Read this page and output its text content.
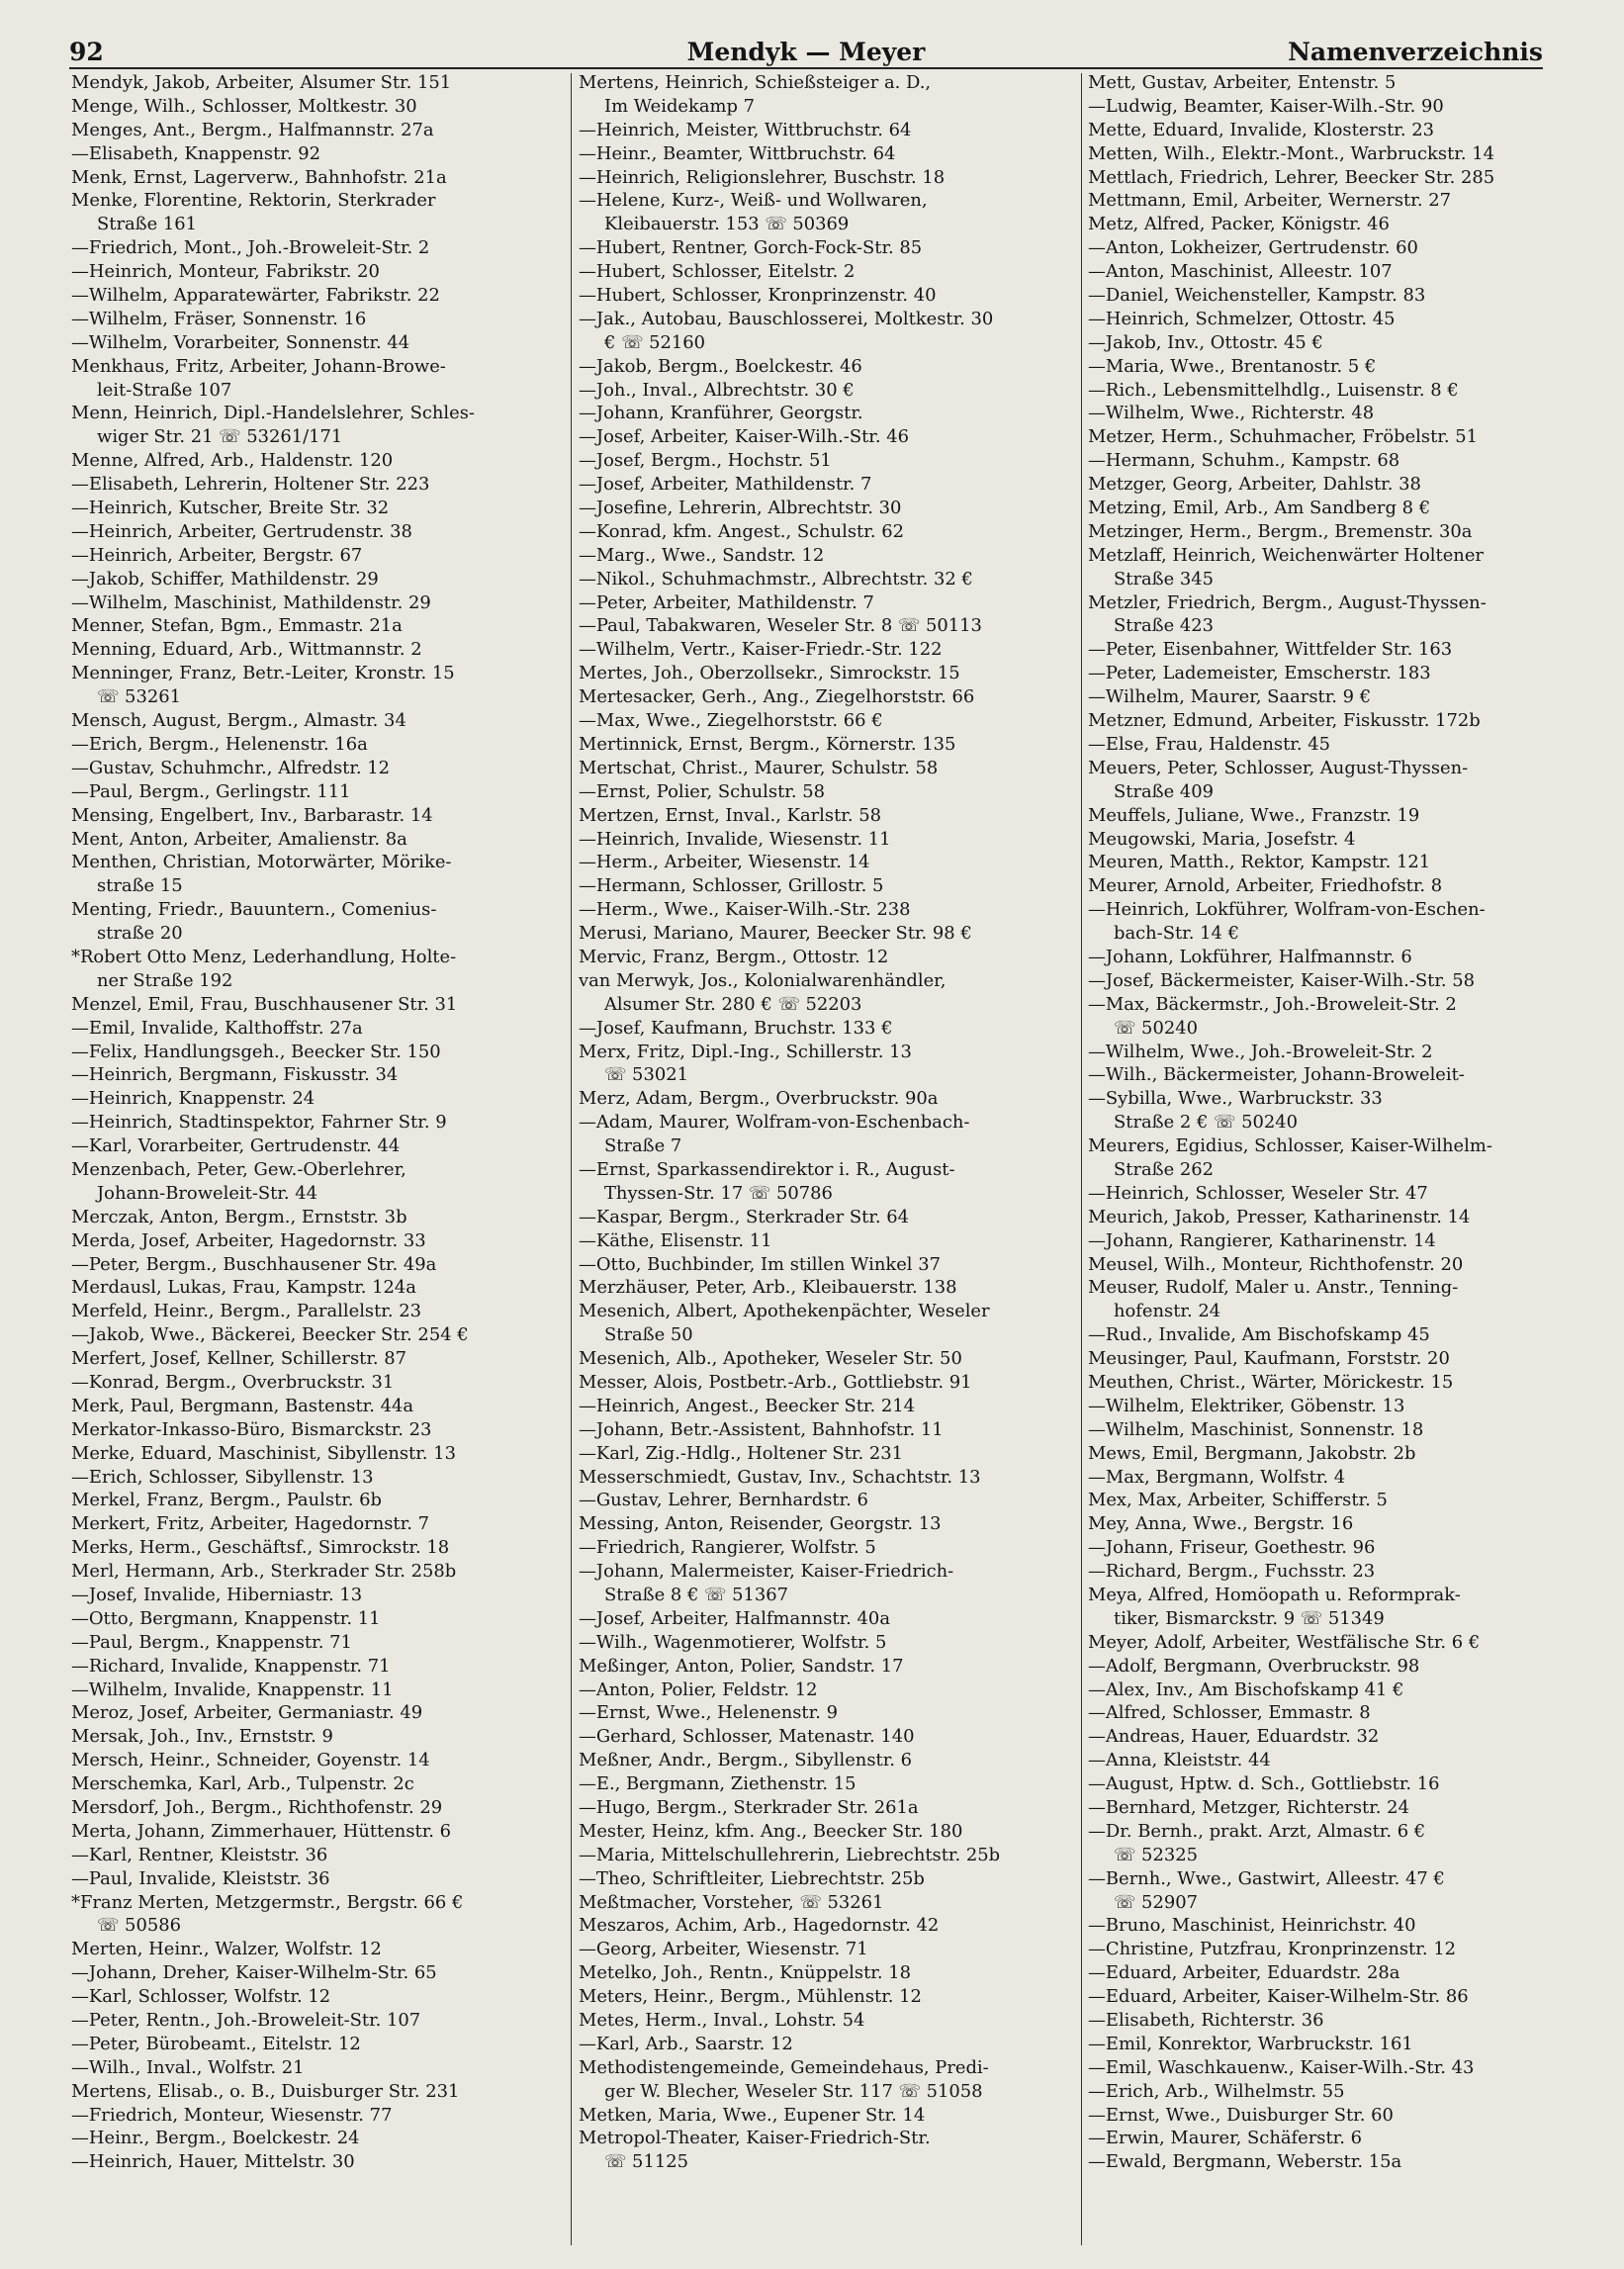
92	Mendyk — Meyer	Namenverzeichnis
Mendyk, Jakob, Arbeiter, Alsumer Str. 151
Menge, Wilh., Schlosser, Moltkestr. 30
Menges, Ant., Bergm., Halfmannstr. 27a
—Elisabeth, Knappenstr. 92
Menk, Ernst, Lagerverw., Bahnhofstr. 21a
Menke, Florentine, Rektorin, Sterkrader
Straße 161
—Friedrich, Mont., Joh.-Broweleit-Str. 2
—Heinrich, Monteur, Fabrikstr. 20
—Wilhelm, Apparatewärter, Fabrikstr. 22
—Wilhelm, Fräser, Sonnenstr. 16
—Wilhelm, Vorarbeiter, Sonnenstr. 44
Menkhaus, Fritz, Arbeiter, Johann-Browe-
leit-Straße 107
Menn, Heinrich, Dipl.-Handelslehrer, Schles-
wiger Str. 21 ☏ 53261/171
Menne, Alfred, Arb., Haldenstr. 120
—Elisabeth, Lehrerin, Holtener Str. 223
—Heinrich, Kutscher, Breite Str. 32
—Heinrich, Arbeiter, Gertrudenstr. 38
—Heinrich, Arbeiter, Bergstr. 67
—Jakob, Schiffer, Mathildenstr. 29
—Wilhelm, Maschinist, Mathildenstr. 29
Menner, Stefan, Bgm., Emmastr. 21a
Menning, Eduard, Arb., Wittmannstr. 2
Menninger, Franz, Betr.-Leiter, Kronstr. 15
☏ 53261
Mensch, August, Bergm., Almastr. 34
—Erich, Bergm., Helenenstr. 16a
—Gustav, Schuhmchr., Alfredstr. 12
—Paul, Bergm., Gerlingstr. 111
Mensing, Engelbert, Inv., Barbarastr. 14
Ment, Anton, Arbeiter, Amalienstr. 8a
Menthen, Christian, Motorwärter, Mörike-
straße 15
Menting, Friedr., Bauuntern., Comenius-
straße 20
*Robert Otto Menz, Lederhandlung, Holte-
ner Straße 192
Menzel, Emil, Frau, Buschhausener Str. 31
—Emil, Invalide, Kalthoffstr. 27a
—Felix, Handlungsgeh., Beecker Str. 150
—Heinrich, Bergmann, Fiskusstr. 34
—Heinrich, Knappenstr. 24
—Heinrich, Stadtinspektor, Fahrner Str. 9
—Karl, Vorarbeiter, Gertrudenstr. 44
Menzenbach, Peter, Gew.-Oberlehrer,
Johann-Broweleit-Str. 44
Merczak, Anton, Bergm., Ernststr. 3b
Merda, Josef, Arbeiter, Hagedornstr. 33
—Peter, Bergm., Buschhausener Str. 49a
Merdausl, Lukas, Frau, Kampstr. 124a
Merfeld, Heinr., Bergm., Parallelstr. 23
—Jakob, Wwe., Bäckerei, Beecker Str. 254 €
Merfert, Josef, Kellner, Schillerstr. 87
—Konrad, Bergm., Overbruckstr. 31
Merk, Paul, Bergmann, Bastenstr. 44a
Merkator-Inkasso-Büro, Bismarckstr. 23
Merke, Eduard, Maschinist, Sibyllenstr. 13
—Erich, Schlosser, Sibyllenstr. 13
Merkel, Franz, Bergm., Paulstr. 6b
Merkert, Fritz, Arbeiter, Hagedornstr. 7
Merks, Herm., Geschäftsf., Simrockstr. 18
Merl, Hermann, Arb., Sterkrader Str. 258b
—Josef, Invalide, Hiberniastr. 13
—Otto, Bergmann, Knappenstr. 11
—Paul, Bergm., Knappenstr. 71
—Richard, Invalide, Knappenstr. 71
—Wilhelm, Invalide, Knappenstr. 11
Meroz, Josef, Arbeiter, Germaniastr. 49
Mersak, Joh., Inv., Ernststr. 9
Mersch, Heinr., Schneider, Goyenstr. 14
Merschemka, Karl, Arb., Tulpenstr. 2c
Mersdorf, Joh., Bergm., Richthofenstr. 29
Merta, Johann, Zimmerhauer, Hüttenstr. 6
—Karl, Rentner, Kleiststr. 36
—Paul, Invalide, Kleiststr. 36
*Franz Merten, Metzgermstr., Bergstr. 66 €
☏ 50586
Merten, Heinr., Walzer, Wolfstr. 12
—Johann, Dreher, Kaiser-Wilhelm-Str. 65
—Karl, Schlosser, Wolfstr. 12
—Peter, Rentn., Joh.-Broweleit-Str. 107
—Peter, Bürobeamt., Eitelstr. 12
—Wilh., Inval., Wolfstr. 21
Mertens, Elisab., o. B., Duisburger Str. 231
—Friedrich, Monteur, Wiesenstr. 77
—Heinr., Bergm., Boelckestr. 24
—Heinrich, Hauer, Mittelstr. 30
Mertens, Heinrich, Schießsteiger a. D.,
Im Weidekamp 7
—Heinrich, Meister, Wittbruchstr. 64
—Heinr., Beamter, Wittbruchstr. 64
—Heinrich, Religionslehrer, Buschstr. 18
—Helene, Kurz-, Weiß- und Wollwaren,
Kleibauerstr. 153 ☏ 50369
—Hubert, Rentner, Gorch-Fock-Str. 85
—Hubert, Schlosser, Eitelstr. 2
—Hubert, Schlosser, Kronprinzenstr. 40
—Jak., Autobau, Bauschlosserei, Moltkestr. 30
€ ☏ 52160
—Jakob, Bergm., Boelckestr. 46
—Joh., Inval., Albrechtstr. 30 €
—Johann, Kranführer, Georgstr.
—Josef, Arbeiter, Kaiser-Wilh.-Str. 46
—Josef, Bergm., Hochstr. 51
—Josef, Arbeiter, Mathildenstr. 7
—Josefine, Lehrerin, Albrechtstr. 30
—Konrad, kfm. Angest., Schulstr. 62
—Marg., Wwe., Sandstr. 12
—Nikol., Schuhmachmstr., Albrechtstr. 32 €
—Peter, Arbeiter, Mathildenstr. 7
—Paul, Tabakwaren, Weseler Str. 8 ☏ 50113
—Wilhelm, Vertr., Kaiser-Friedr.-Str. 122
Mertes, Joh., Oberzollsekr., Simrockstr. 15
Mertesacker, Gerh., Ang., Ziegelhorststr. 66
—Max, Wwe., Ziegelhorststr. 66 €
Mertinnick, Ernst, Bergm., Körnerstr. 135
Mertschat, Christ., Maurer, Schulstr. 58
—Ernst, Polier, Schulstr. 58
Mertzen, Ernst, Inval., Karlstr. 58
—Heinrich, Invalide, Wiesenstr. 11
—Herm., Arbeiter, Wiesenstr. 14
—Hermann, Schlosser, Grillostr. 5
—Herm., Wwe., Kaiser-Wilh.-Str. 238
Merusi, Mariano, Maurer, Beecker Str. 98 €
Mervic, Franz, Bergm., Ottostr. 12
van Merwyk, Jos., Kolonialwarenhändler,
Alsumer Str. 280 € ☏ 52203
—Josef, Kaufmann, Bruchstr. 133 €
Merx, Fritz, Dipl.-Ing., Schillerstr. 13
☏ 53021
Merz, Adam, Bergm., Overbruckstr. 90a
—Adam, Maurer, Wolfram-von-Eschenbach-
Straße 7
—Ernst, Sparkassendirektor i. R., August-
Thyssen-Str. 17 ☏ 50786
—Kaspar, Bergm., Sterkrader Str. 64
—Käthe, Elisenstr. 11
—Otto, Buchbinder, Im stillen Winkel 37
Merzhäuser, Peter, Arb., Kleibauerstr. 138
Mesenich, Albert, Apothekenpächter, Weseler
Straße 50
Mesenich, Alb., Apotheker, Weseler Str. 50
Messer, Alois, Postbetr.-Arb., Gottliebstr. 91
—Heinrich, Angest., Beecker Str. 214
—Johann, Betr.-Assistent, Bahnhofstr. 11
—Karl, Zig.-Hdlg., Holtener Str. 231
Messerschmiedt, Gustav, Inv., Schachtstr. 13
—Gustav, Lehrer, Bernhardstr. 6
Messing, Anton, Reisender, Georgstr. 13
—Friedrich, Rangierer, Wolfstr. 5
—Johann, Malermeister, Kaiser-Friedrich-
Straße 8 € ☏ 51367
—Josef, Arbeiter, Halfmannstr. 40a
—Wilh., Wagenmotierer, Wolfstr. 5
Meßinger, Anton, Polier, Sandstr. 17
—Anton, Polier, Feldstr. 12
—Ernst, Wwe., Helenenstr. 9
—Gerhard, Schlosser, Matenastr. 140
Meßner, Andr., Bergm., Sibyllenstr. 6
—E., Bergmann, Ziethenstr. 15
—Hugo, Bergm., Sterkrader Str. 261a
Mester, Heinz, kfm. Ang., Beecker Str. 180
—Maria, Mittelschullehrerin, Liebrechtstr. 25b
—Theo, Schriftleiter, Liebrechtstr. 25b
Meßtmacher, Vorsteher, ☏ 53261
Meszaros, Achim, Arb., Hagedornstr. 42
—Georg, Arbeiter, Wiesenstr. 71
Metelko, Joh., Rentn., Knüppelstr. 18
Meters, Heinr., Bergm., Mühlenstr. 12
Metes, Herm., Inval., Lohstr. 54
—Karl, Arb., Saarstr. 12
Methodistengemeinde, Gemeindehaus, Predi-
ger W. Blecher, Weseler Str. 117 ☏ 51058
Metken, Maria, Wwe., Eupener Str. 14
Metropol-Theater, Kaiser-Friedrich-Str.
☏ 51125
Mett, Gustav, Arbeiter, Entenstr. 5
—Ludwig, Beamter, Kaiser-Wilh.-Str. 90
Mette, Eduard, Invalide, Klosterstr. 23
Metten, Wilh., Elektr.-Mont., Warbruckstr. 14
Mettlach, Friedrich, Lehrer, Beecker Str. 285
Mettmann, Emil, Arbeiter, Wernerstr. 27
Metz, Alfred, Packer, Königstr. 46
—Anton, Lokheizer, Gertrudenstr. 60
—Anton, Maschinist, Alleestr. 107
—Daniel, Weichensteller, Kampstr. 83
—Heinrich, Schmelzer, Ottostr. 45
—Jakob, Inv., Ottostr. 45 €
—Maria, Wwe., Brentanostr. 5 €
—Rich., Lebensmittelhdlg., Luisenstr. 8 €
—Wilhelm, Wwe., Richterstr. 48
Metzer, Herm., Schuhmacher, Fröbelstr. 51
—Hermann, Schuhm., Kampstr. 68
Metzger, Georg, Arbeiter, Dahlstr. 38
Metzing, Emil, Arb., Am Sandberg 8 €
Metzinger, Herm., Bergm., Bremenstr. 30a
Metzlaff, Heinrich, Weichenwärter Holtener
Straße 345
Metzler, Friedrich, Bergm., August-Thyssen-
Straße 423
—Peter, Eisenbahner, Wittfelder Str. 163
—Peter, Lademeister, Emscherstr. 183
—Wilhelm, Maurer, Saarstr. 9 €
Metzner, Edmund, Arbeiter, Fiskusstr. 172b
—Else, Frau, Haldenstr. 45
Meuers, Peter, Schlosser, August-Thyssen-
Straße 409
Meuffels, Juliane, Wwe., Franzstr. 19
Meugowski, Maria, Josefstr. 4
Meuren, Matth., Rektor, Kampstr. 121
Meurer, Arnold, Arbeiter, Friedhofstr. 8
—Heinrich, Lokführer, Wolfram-von-Eschen-
bach-Str. 14 €
—Johann, Lokführer, Halfmannstr. 6
—Josef, Bäckermeister, Kaiser-Wilh.-Str. 58
—Max, Bäckermstr., Joh.-Broweleit-Str. 2
☏ 50240
—Wilhelm, Wwe., Joh.-Broweleit-Str. 2
—Wilh., Bäckermeister, Johann-Broweleit-
—Sybilla, Wwe., Warbruckstr. 33
Straße 2 € ☏ 50240
Meurers, Egidius, Schlosser, Kaiser-Wilhelm-
Straße 262
—Heinrich, Schlosser, Weseler Str. 47
Meurich, Jakob, Presser, Katharinenstr. 14
—Johann, Rangierer, Katharinenstr. 14
Meusel, Wilh., Monteur, Richthofenstr. 20
Meuser, Rudolf, Maler u. Anstr., Tenning-
hofenstr. 24
—Rud., Invalide, Am Bischofskamp 45
Meusinger, Paul, Kaufmann, Forststr. 20
Meuthen, Christ., Wärter, Mörickestr. 15
—Wilhelm, Elektriker, Göbenstr. 13
—Wilhelm, Maschinist, Sonnenstr. 18
Mews, Emil, Bergmann, Jakobstr. 2b
—Max, Bergmann, Wolfstr. 4
Mex, Max, Arbeiter, Schifferstr. 5
Mey, Anna, Wwe., Bergstr. 16
—Johann, Friseur, Goethestr. 96
—Richard, Bergm., Fuchsstr. 23
Meya, Alfred, Homöopath u. Reformprak-
tiker, Bismarckstr. 9 ☏ 51349
Meyer, Adolf, Arbeiter, Westfälische Str. 6 €
—Adolf, Bergmann, Overbruckstr. 98
—Alex, Inv., Am Bischofskamp 41 €
—Alfred, Schlosser, Emmastr. 8
—Andreas, Hauer, Eduardstr. 32
—Anna, Kleiststr. 44
—August, Hptw. d. Sch., Gottliebstr. 16
—Bernhard, Metzger, Richterstr. 24
—Dr. Bernh., prakt. Arzt, Almastr. 6 €
☏ 52325
—Bernh., Wwe., Gastwirt, Alleestr. 47 €
☏ 52907
—Bruno, Maschinist, Heinrichstr. 40
—Christine, Putzfrau, Kronprinzenstr. 12
—Eduard, Arbeiter, Eduardstr. 28a
—Eduard, Arbeiter, Kaiser-Wilhelm-Str. 86
—Elisabeth, Richterstr. 36
—Emil, Konrektor, Warbruckstr. 161
—Emil, Waschkauenw., Kaiser-Wilh.-Str. 43
—Erich, Arb., Wilhelmstr. 55
—Ernst, Wwe., Duisburger Str. 60
—Erwin, Maurer, Schäferstr. 6
—Ewald, Bergmann, Weberstr. 15a
